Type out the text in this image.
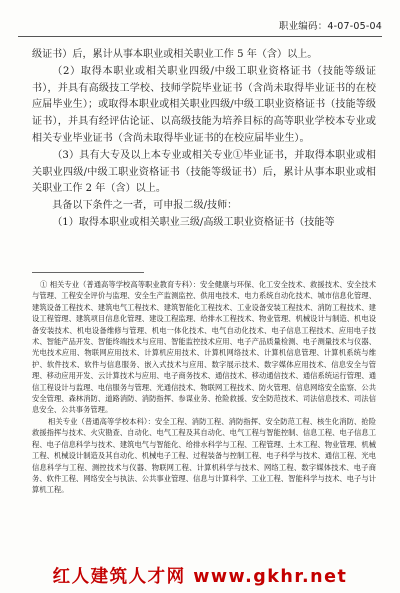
职业编码：4-07-05-04

级证书）后，累计从事本职业或相关职业工作 5 年（含）以上。

（2）取得本职业或相关职业四级/中级工职业资格证书（技能等级证书），并具有高级技工学校、技师学院毕业证书（含尚未取得毕业证书的在校应届毕业生）；或取得本职业或相关职业四级/中级工职业资格证书（技能等级证书），并具有经评估论证、以高级技能为培养目标的高等职业学校本专业或相关专业毕业证书（含尚未取得毕业证书的在校应届毕业生）。

（3）具有大专及以上本专业或相关专业①毕业证书，并取得本职业或相关职业四级/中级工职业资格证书（技能等级证书）后，累计从事本职业或相关职业工作 2 年（含）以上。

具备以下条件之一者，可申报二级/技师：

（1）取得本职业或相关职业三级/高级工职业资格证书（技能等

① 相关专业（普通高等学校高等职业教育专科）：安全健康与环保、化工安全技术、救援技术、安全技术与管理、工程安全评价与监理、安全生产监测监控、供用电技术、电力系统自动化技术、城市信息化管理、建筑设备工程技术、建筑电气工程技术、建筑智能化工程技术、工业设备安装工程技术、消防工程技术、建设工程管理、建筑项目信息化管理、建设工程监理、给排水工程技术、物业管理、机械设计与制造、机电设备安装技术、机电设备维修与管理、机电一体化技术、电气自动化技术、电子信息工程技术、应用电子技术、智能产品开发、智能终端技术与应用、智能监控技术应用、电子产品质量检测、电子测量技术与仪器、光电技术应用、物联网应用技术、计算机应用技术、计算机网络技术、计算机信息管理、计算机系统与维护、软件技术、软件与信息服务、嵌入式技术与应用、数字展示技术、数字媒体应用技术、信息安全与管理、移动应用开发、云计算技术与应用、电子商务技术、通信技术、移动通信技术、通信系统运行管理、通信工程设计与监理、电信服务与管理、光通信技术、物联网工程技术、防火管理、信息网络安全监察、公共安全管理、森林消防、道路消防、消防指挥、参谋业务、抢险救援、安全防范技术、司法信息技术、司法信息安全、公共事务管理。

相关专业（普通高等学校本科）：安全工程、消防工程、消防指挥、安全防范工程、核生化消防、抢险救援指挥与技术、火灾勘查、自动化、电气工程及其自动化、电气工程与智能控制、信息工程、电子信息工程、电子信息科学与技术、建筑电气与智能化、给排水科学与工程、工程管理、土木工程、物业管理、机械工程、机械设计制造及其自动化、机械电子工程、过程装备与控制工程、电子科学与技术、通信工程、光电信息科学与工程、测控技术与仪器、物联网工程、计算机科学与技术、网络工程、数字媒体技术、电子商务、软件工程、网络安全与执法、公共事业管理、信息与计算科学、工业工程、智能科学与技术、电子与计算机工程。

红人建筑人才网 www.gkhr.net
